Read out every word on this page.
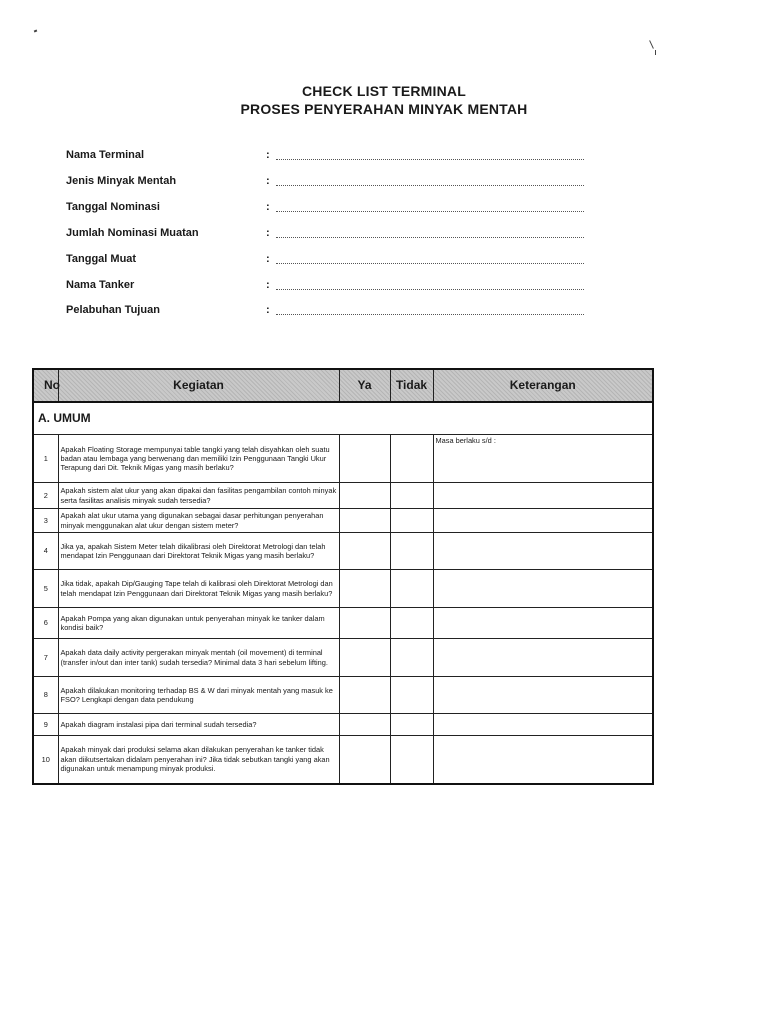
CHECK LIST TERMINAL
PROSES PENYERAHAN MINYAK MENTAH
Nama Terminal	:
Jenis Minyak Mentah	:
Tanggal Nominasi	:
Jumlah Nominasi Muatan	:
Tanggal Muat	:
Nama Tanker	:
Pelabuhan Tujuan	:
No	Kegiatan	Ya	Tidak	Keterangan
A. UMUM				
1	Apakah Floating Storage mempunyai table tangki yang telah disyahkan oleh suatu badan atau lembaga yang berwenang dan memiliki Izin Penggunaan Tangki Ukur Terapung dari Dit. Teknik Migas yang masih berlaku?			Masa berlaku s/d :
2	Apakah sistem alat ukur yang akan dipakai dan fasilitas pengambilan contoh minyak serta fasilitas analisis minyak sudah tersedia?			
3	Apakah alat ukur utama yang digunakan sebagai dasar perhitungan penyerahan minyak menggunakan alat ukur dengan sistem meter?			
4	Jika ya, apakah Sistem Meter telah dikalibrasi oleh Direktorat Metrologi dan telah mendapat Izin Penggunaan dari Direktorat Teknik Migas yang masih berlaku?			
5	Jika tidak, apakah Dip/Gauging Tape telah di kalibrasi oleh Direktorat Metrologi dan telah mendapat Izin Penggunaan dari Direktorat Teknik Migas yang masih berlaku?			
6	Apakah Pompa yang akan digunakan untuk penyerahan minyak ke tanker dalam kondisi baik?			
7	Apakah data daily activity pergerakan minyak mentah (oil movement) di terminal (transfer in/out dan inter tank) sudah tersedia? Minimal data 3 hari sebelum lifting.			
8	Apakah dilakukan monitoring terhadap BS & W dari minyak mentah yang masuk ke FSO? Lengkapi dengan data pendukung			
9	Apakah diagram instalasi pipa dari terminal sudah tersedia?			
10	Apakah minyak dari produksi selama akan dilakukan penyerahan ke tanker tidak akan diikutsertakan didalam penyerahan ini? Jika tidak sebutkan tangki yang akan digunakan untuk menampung minyak produksi.			
